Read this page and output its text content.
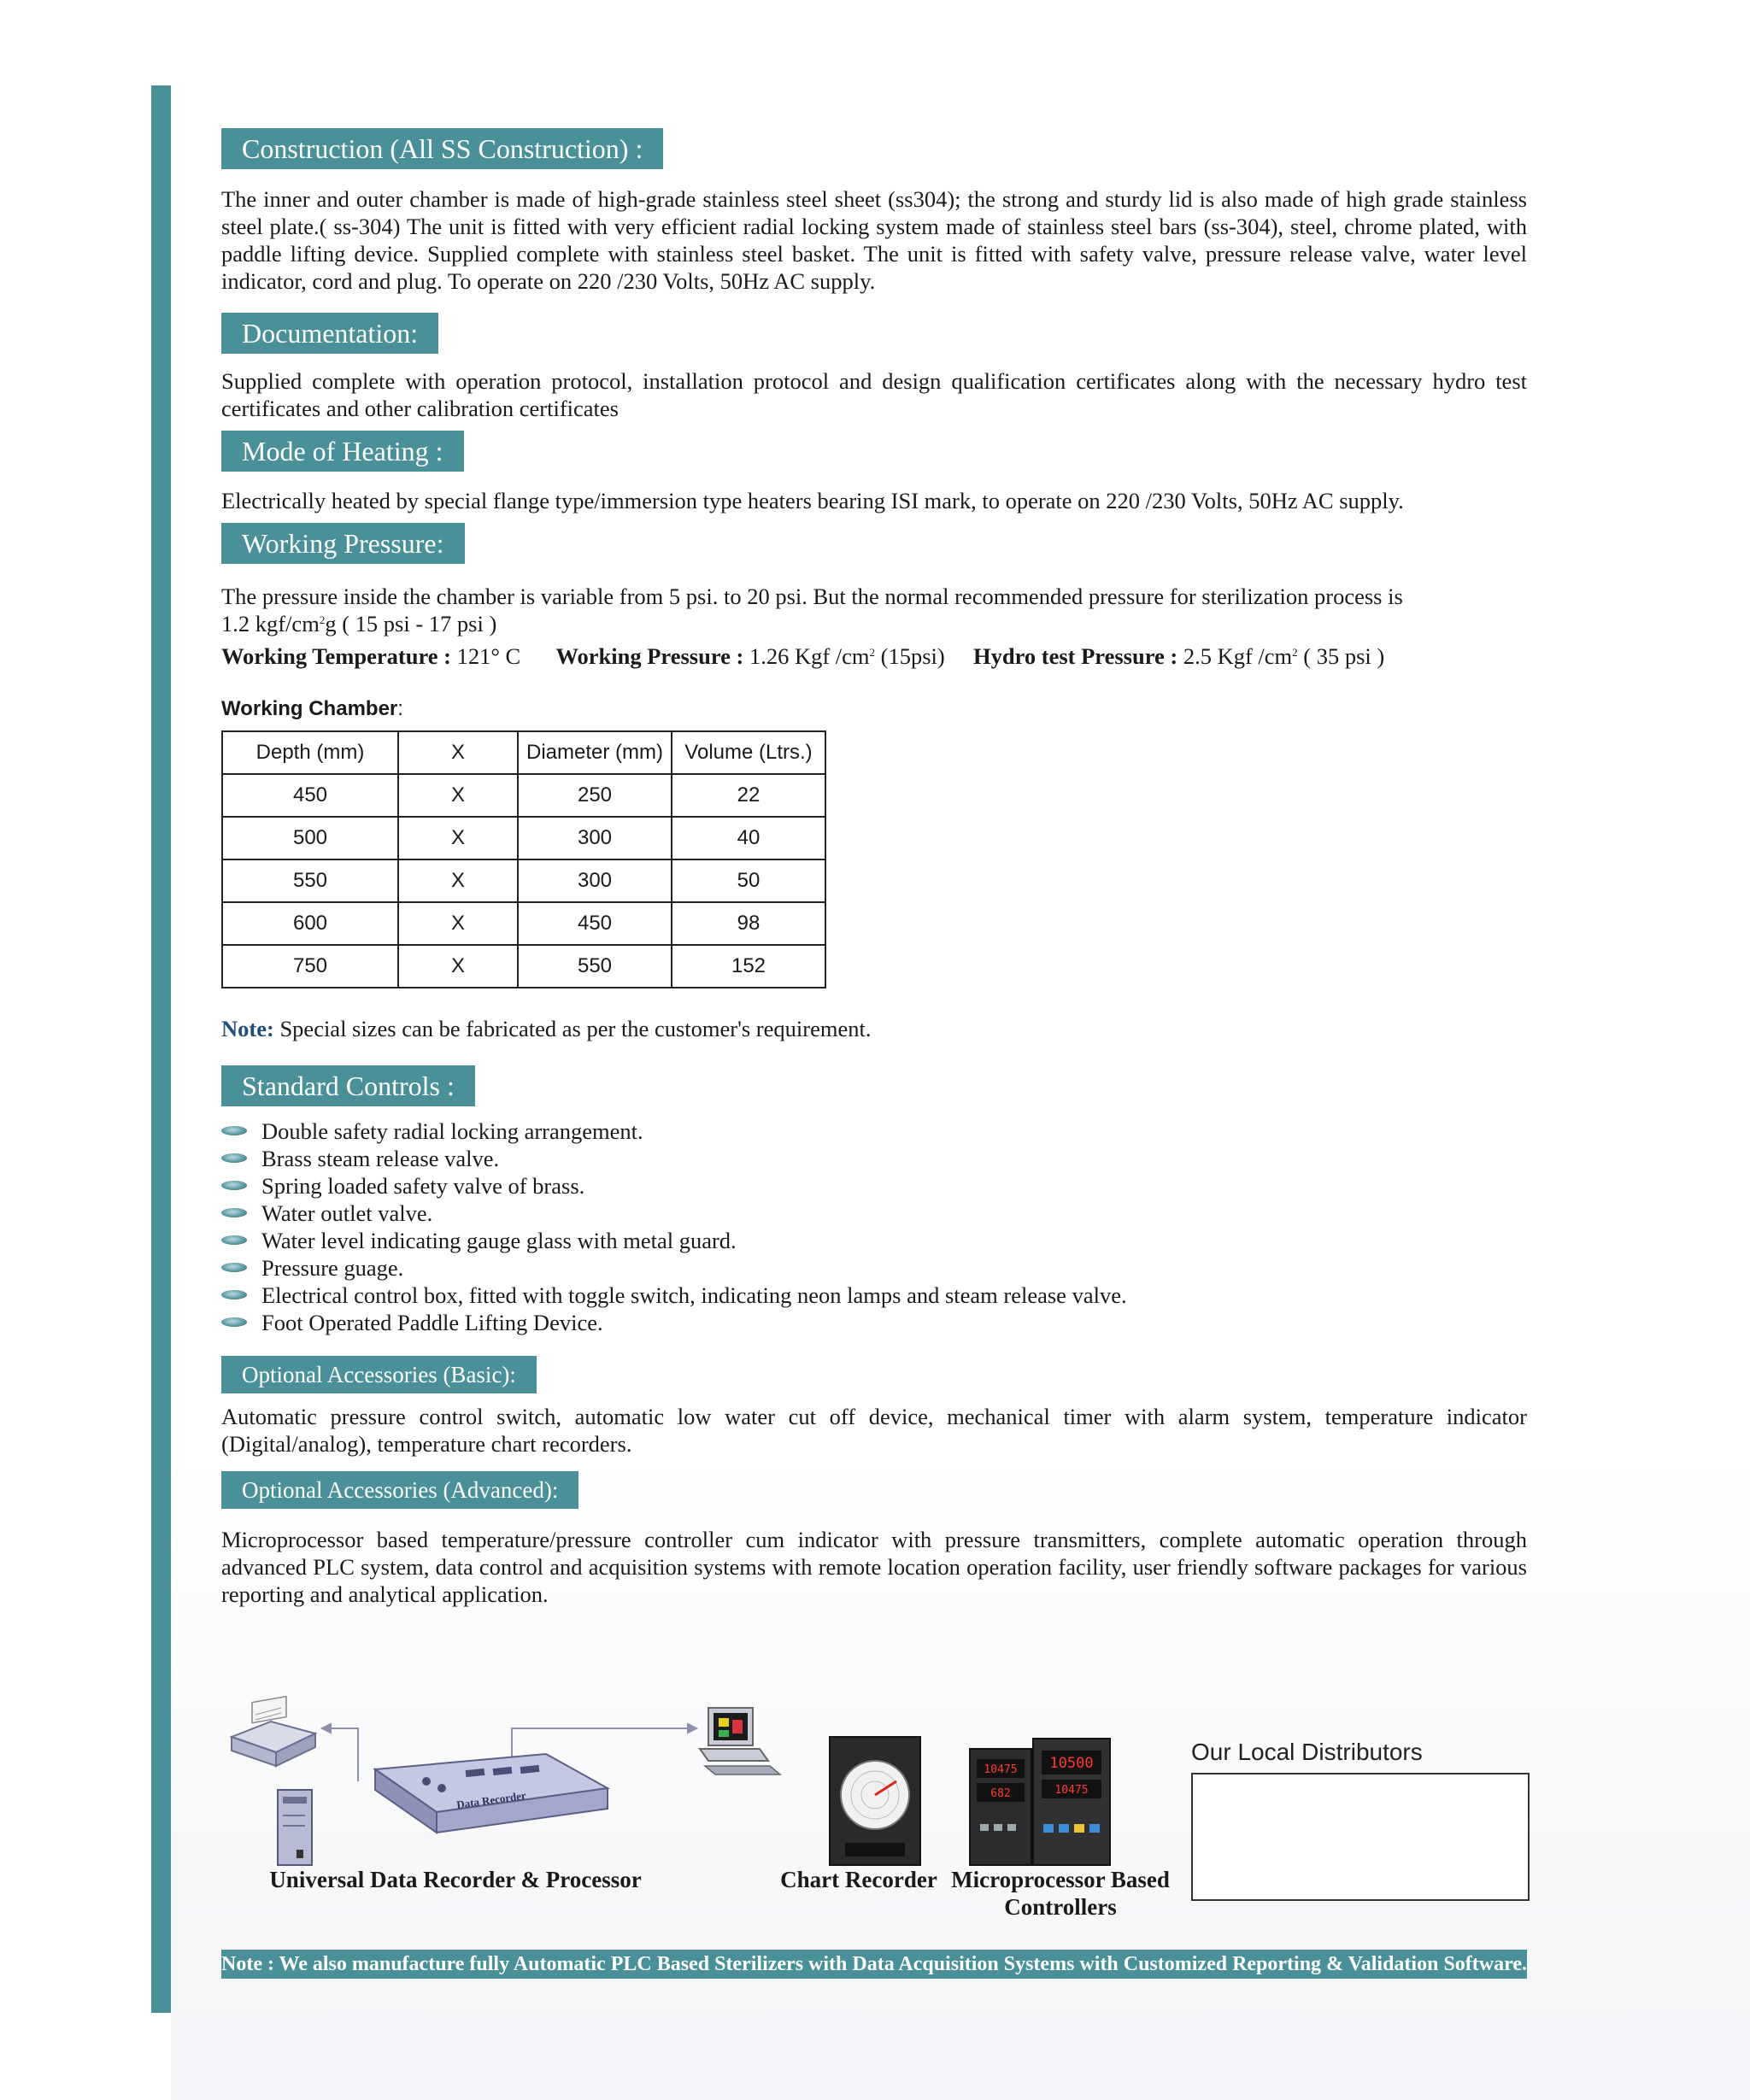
Construction (All SS Construction) :

The inner and outer chamber is made of high-grade stainless steel sheet (ss304); the strong and sturdy lid is also made of high grade stainless steel plate.( ss-304) The unit is fitted with very efficient radial locking system made of stainless steel bars (ss-304), steel, chrome plated, with paddle lifting device. Supplied complete with stainless steel basket. The unit is fitted with safety valve, pressure release valve, water level indicator, cord and plug. To operate on 220 /230 Volts, 50Hz AC supply.

Documentation:

Supplied complete with operation protocol, installation protocol and design qualification certificates along with the necessary hydro test certificates and other calibration certificates

Mode of Heating :

Electrically heated by special flange type/immersion type heaters bearing ISI mark, to operate on 220 /230 Volts, 50Hz AC supply.

Working Pressure:
The pressure inside the chamber is variable from 5 psi. to 20 psi. But the normal recommended pressure for sterilization process is
1.2 kgf/$cm^2g$ ( 15 psi - 17 psi )
Working Temperature : 121° C Working Pressure : 1.26 Kgf $/cm^2$ (15psi) Hydro test Pressure : 2.5 Kgf $/cm^2$ ( 35 psi )
Working Chamber:
Depth (mm)	X	Diameter (mm)	Volume (Ltrs.)
450	X	250	22
500	X	300	40
550	X	300	50
600	X	450	98
750	X	550	152
Note: Special sizes can be fabricated as per the customer's requirement.
Standard Controls :
Double safety radial locking arrangement.
Brass steam release valve.
Spring loaded safety valve of brass.
Water outlet valve.
Water level indicating gauge glass with metal guard.
Pressure guage.
Electrical control box, fitted with toggle switch, indicating neon lamps and steam release valve.
Foot Operated Paddle Lifting Device.
Optional Accessories (Basic):

Automatic pressure control switch, automatic low water cut off device, mechanical timer with alarm system, temperature indicator (Digital/analog), temperature chart recorders.

Optional Accessories (Advanced):

Microprocessor based temperature/pressure controller cum indicator with pressure transmitters, complete automatic operation through advanced PLC system, data control and acquisition systems with remote location operation facility, user friendly software packages for various reporting and analytical application.

Data Recorder
10475
682
10500
10475
Universal Data Recorder & Processor	Chart Recorder Microprocessor Based
Controllers
Our Local Distributors
Note : We also manufacture fully Automatic PLC Based Sterilizers with Data Acquisition Systems with Customized Reporting & Validation Software.
